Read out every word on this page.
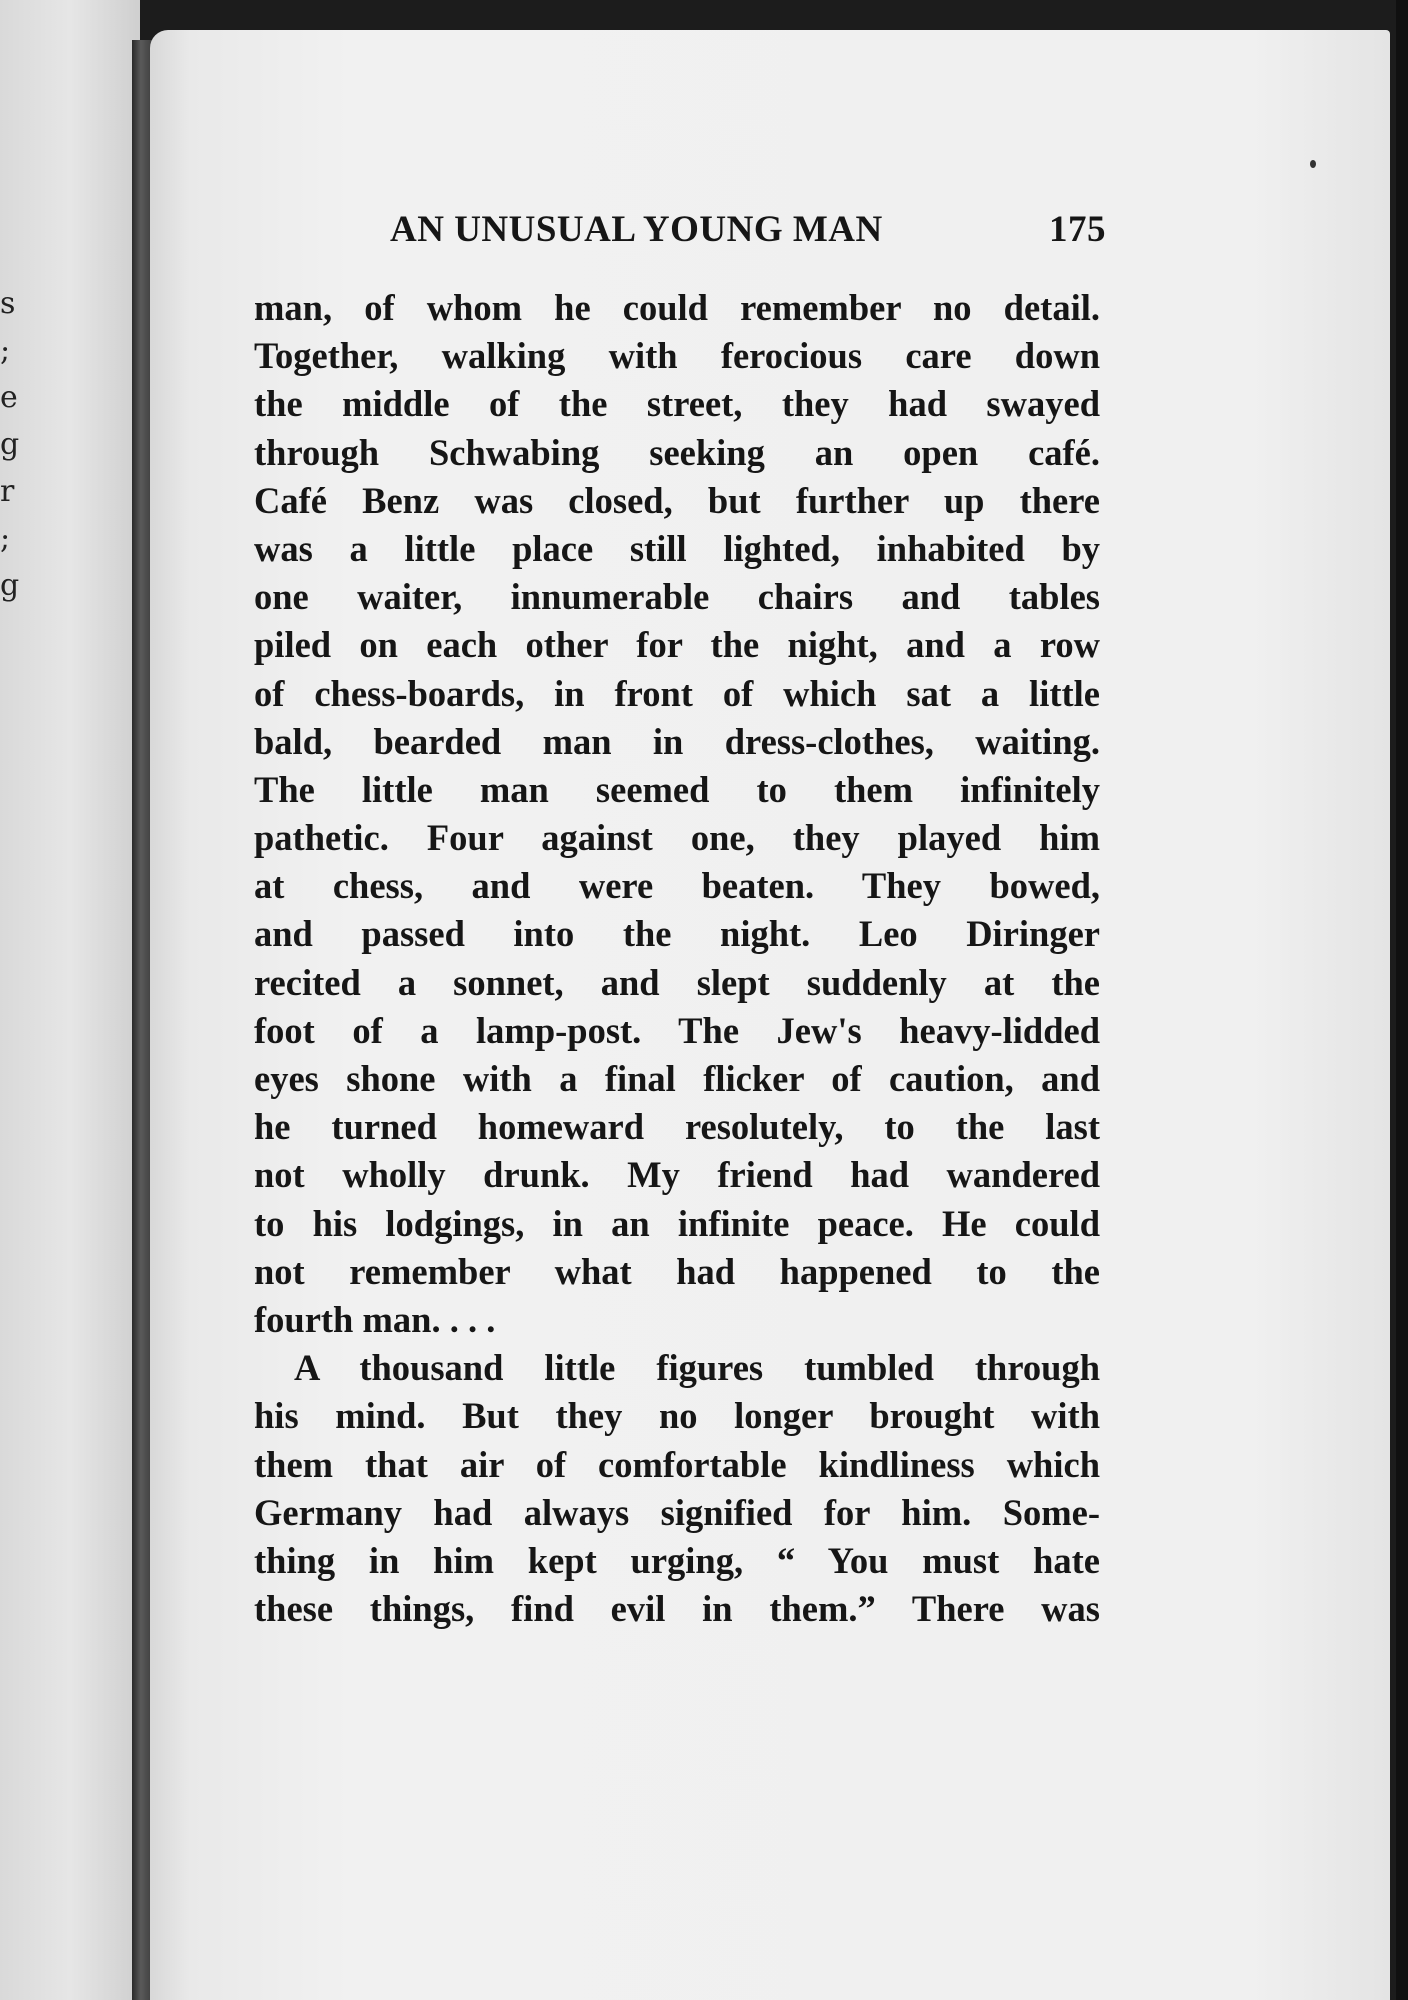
s
;
e
g
r
;
g
AN UNUSUAL YOUNG MAN	175
man, of whom he could remember no detail.
Together, walking with ferocious care down
the middle of the street, they had swayed
through Schwabing seeking an open café.
Café Benz was closed, but further up there
was a little place still lighted, inhabited by
one waiter, innumerable chairs and tables
piled on each other for the night, and a row
of chess-boards, in front of which sat a little
bald, bearded man in dress-clothes, waiting.
The little man seemed to them infinitely
pathetic. Four against one, they played him
at chess, and were beaten. They bowed,
and passed into the night. Leo Diringer
recited a sonnet, and slept suddenly at the
foot of a lamp-post. The Jew's heavy-lidded
eyes shone with a final flicker of caution, and
he turned homeward resolutely, to the last
not wholly drunk. My friend had wandered
to his lodgings, in an infinite peace. He could
not remember what had happened to the
fourth man. . . .
A thousand little figures tumbled through
his mind. But they no longer brought with
them that air of comfortable kindliness which
Germany had always signified for him. Some-
thing in him kept urging, “ You must hate
these things, find evil in them.” There was
